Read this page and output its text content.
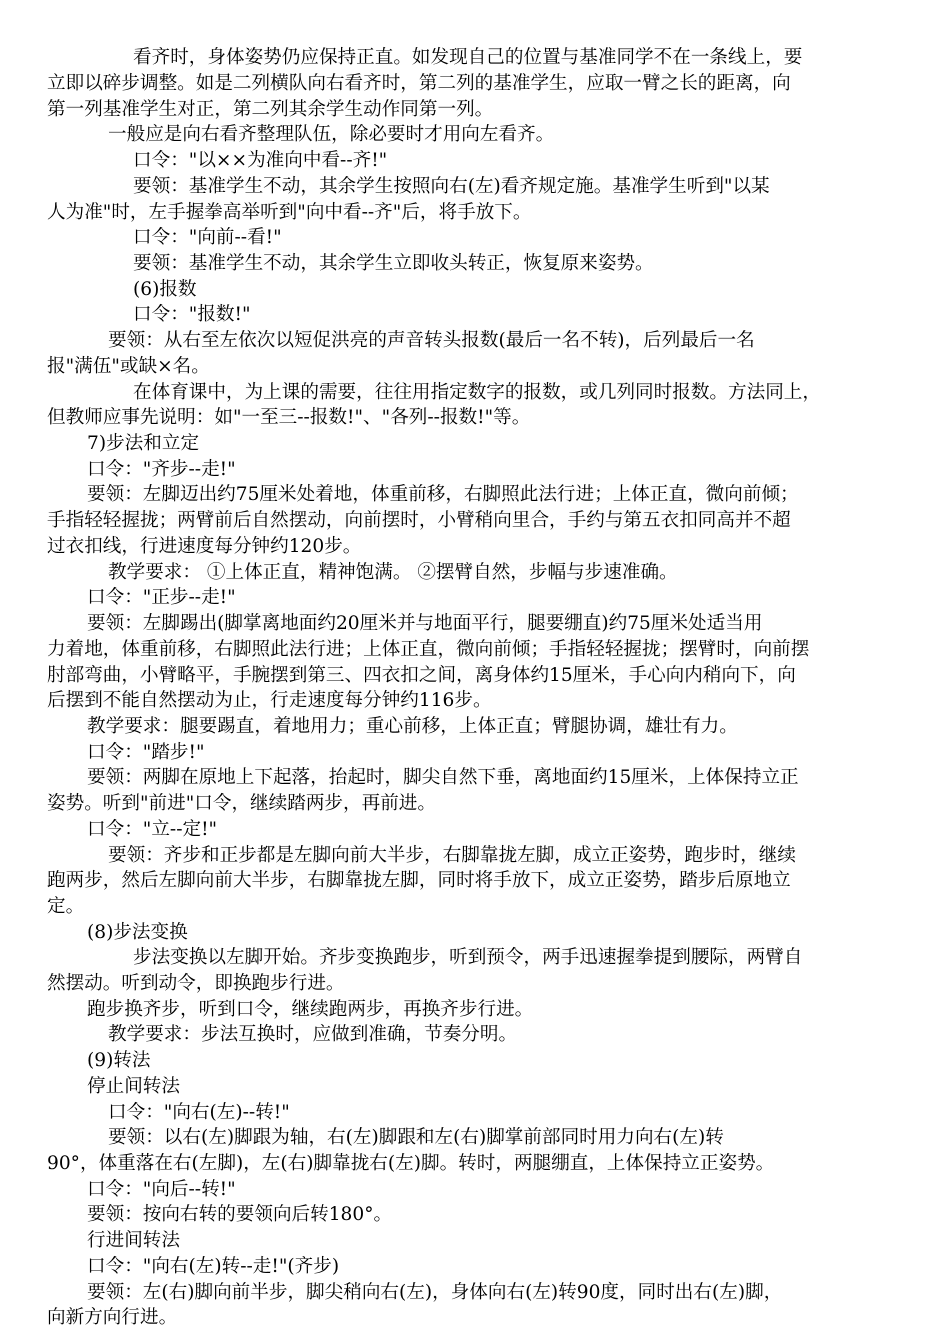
看齐时，身体姿势仍应保持正直。如发现自己的位置与基准同学不在一条线上，要

立即以碎步调整。如是二列横队向右看齐时，第二列的基准学生，应取一臂之长的距离，向

第一列基准学生对正，第二列其余学生动作同第一列。

一般应是向右看齐整理队伍，除必要时才用向左看齐。

口令："以××为准向中看--齐!"

要领：基准学生不动，其余学生按照向右(左)看齐规定施。基准学生听到"以某

人为准"时，左手握拳高举听到"向中看--齐"后，将手放下。

口令："向前--看!"

要领：基准学生不动，其余学生立即收头转正，恢复原来姿势。

(6)报数

口令："报数!"

要领：从右至左依次以短促洪亮的声音转头报数(最后一名不转)，后列最后一名

报"满伍"或缺×名。

在体育课中，为上课的需要，往往用指定数字的报数，或几列同时报数。方法同上，

但教师应事先说明：如"一至三--报数!"、"各列--报数!"等。

7)步法和立定

口令："齐步--走!"

要领：左脚迈出约75厘米处着地，体重前移，右脚照此法行进；上体正直，微向前倾；

手指轻轻握拢；两臂前后自然摆动，向前摆时，小臂稍向里合，手约与第五衣扣同高并不超

过衣扣线，行进速度每分钟约120步。

教学要求： ①上体正直，精神饱满。 ②摆臂自然，步幅与步速准确。

口令："正步--走!"

要领：左脚踢出(脚掌离地面约20厘米并与地面平行，腿要绷直)约75厘米处适当用

力着地，体重前移，右脚照此法行进；上体正直，微向前倾；手指轻轻握拢；摆臂时，向前摆

肘部弯曲，小臂略平，手腕摆到第三、四衣扣之间，离身体约15厘米，手心向内稍向下，向

后摆到不能自然摆动为止，行走速度每分钟约116步。

教学要求：腿要踢直，着地用力；重心前移，上体正直；臂腿协调，雄壮有力。

口令："踏步!"

要领：两脚在原地上下起落，抬起时，脚尖自然下垂，离地面约15厘米，上体保持立正

姿势。听到"前进"口令，继续踏两步，再前进。

口令："立--定!"

要领：齐步和正步都是左脚向前大半步，右脚靠拢左脚，成立正姿势，跑步时，继续

跑两步，然后左脚向前大半步，右脚靠拢左脚，同时将手放下，成立正姿势，踏步后原地立

定。

(8)步法变换

步法变换以左脚开始。齐步变换跑步，听到预令，两手迅速握拳提到腰际，两臂自

然摆动。听到动令，即换跑步行进。

跑步换齐步，听到口令，继续跑两步，再换齐步行进。

教学要求：步法互换时，应做到准确，节奏分明。

(9)转法

停止间转法

口令："向右(左)--转!"

要领：以右(左)脚跟为轴，右(左)脚跟和左(右)脚掌前部同时用力向右(左)转

90°，体重落在右(左脚)，左(右)脚靠拢右(左)脚。转时，两腿绷直，上体保持立正姿势。

口令："向后--转!"

要领：按向右转的要领向后转180°。

行进间转法

口令："向右(左)转--走!"(齐步)

要领：左(右)脚向前半步，脚尖稍向右(左)，身体向右(左)转90度，同时出右(左)脚，

向新方向行进。
